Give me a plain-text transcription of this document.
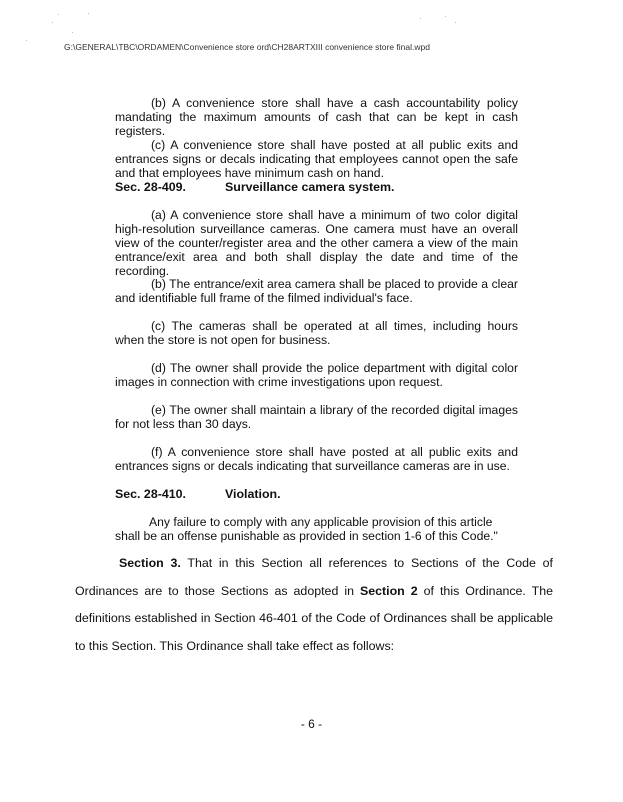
G:\GENERAL\TBC\ORDAMEN\Convenience store ord\CH28ARTXIII convenience store final.wpd
(b) A convenience store shall have a cash accountability policy mandating the maximum amounts of cash that can be kept in cash registers.
(c) A convenience store shall have posted at all public exits and entrances signs or decals indicating that employees cannot open the safe and that employees have minimum cash on hand.
Sec. 28-409.	Surveillance camera system.
(a) A convenience store shall have a minimum of two color digital high-resolution surveillance cameras. One camera must have an overall view of the counter/register area and the other camera a view of the main entrance/exit area and both shall display the date and time of the recording.
(b) The entrance/exit area camera shall be placed to provide a clear and identifiable full frame of the filmed individual's face.
(c) The cameras shall be operated at all times, including hours when the store is not open for business.
(d) The owner shall provide the police department with digital color images in connection with crime investigations upon request.
(e) The owner shall maintain a library of the recorded digital images for not less than 30 days.
(f) A convenience store shall have posted at all public exits and entrances signs or decals indicating that surveillance cameras are in use.
Sec. 28-410.	Violation.
Any failure to comply with any applicable provision of this article shall be an offense punishable as provided in section 1-6 of this Code."
Section 3. That in this Section all references to Sections of the Code of Ordinances are to those Sections as adopted in Section 2 of this Ordinance. The definitions established in Section 46-401 of the Code of Ordinances shall be applicable to this Section. This Ordinance shall take effect as follows:
- 6 -
